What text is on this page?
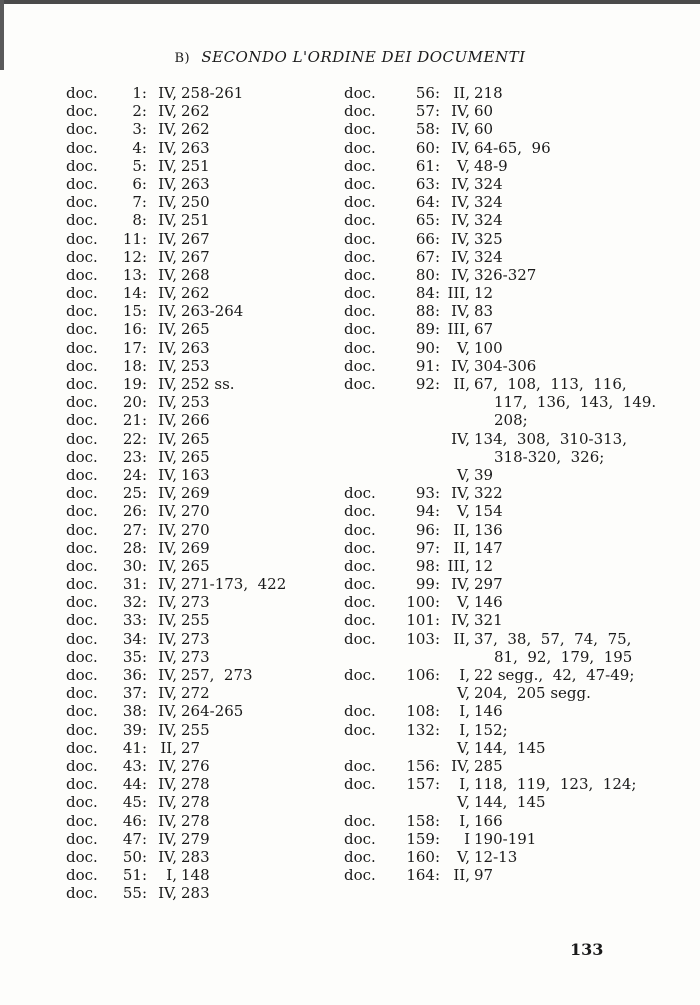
B) SECONDO L'ORDINE DEI DOCUMENTI
doc. 1: IV, 258-261
doc. 2: IV, 262
doc. 3: IV, 262
doc. 4: IV, 263
doc. 5: IV, 251
doc. 6: IV, 263
doc. 7: IV, 250
doc. 8: IV, 251
doc. 11: IV, 267
doc. 12: IV, 267
doc. 13: IV, 268
doc. 14: IV, 262
doc. 15: IV, 263-264
doc. 16: IV, 265
doc. 17: IV, 263
doc. 18: IV, 253
doc. 19: IV, 252 ss.
doc. 20: IV, 253
doc. 21: IV, 266
doc. 22: IV, 265
doc. 23: IV, 265
doc. 24: IV, 163
doc. 25: IV, 269
doc. 26: IV, 270
doc. 27: IV, 270
doc. 28: IV, 269
doc. 30: IV, 265
doc. 31: IV, 271-173,  422
doc. 32: IV, 273
doc. 33: IV, 255
doc. 34: IV, 273
doc. 35: IV, 273
doc. 36: IV, 257,  273
doc. 37: IV, 272
doc. 38: IV, 264-265
doc. 39: IV, 255
doc. 41: II, 27
doc. 43: IV, 276
doc. 44: IV, 278
doc. 45: IV, 278
doc. 46: IV, 278
doc. 47: IV, 279
doc. 50: IV, 283
doc. 51: I, 148
doc. 55: IV, 283
doc.	56: II, 218
doc.	57: IV, 60
doc.	58: IV, 60
doc.	60: IV, 64-65,  96
doc.	61: V, 48-9
doc.	63: IV, 324
doc.	64: IV, 324
doc.	65: IV, 324
doc.	66: IV, 325
doc.	67: IV, 324
doc.	80: IV, 326-327
doc.	84: III, 12
doc.	88: IV, 83
doc.	89: III, 67
doc.	90: V, 100
doc.	91: IV, 304-306
doc.	92: II, 67,  108,  113,  116,
117,  136,  143,  149.
208;
IV, 134,  308,  310-313,
318-320,  326;
V, 39
doc.	93: IV, 322
doc.	94: V, 154
doc.	96: II, 136
doc.	97: II, 147
doc.	98: III, 12
doc.	99: IV, 297
doc. 100: V, 146
doc. 101: IV, 321
doc. 103: II, 37,  38,  57,  74,  75,
81,  92,  179,  195
doc. 106: I, 22 segg.,  42,  47-49;
V, 204,  205 segg.
doc. 108: I, 146
doc. 132: I, 152;
V, 144,  145
doc. 156: IV, 285
doc. 157: I, 118,  119,  123,  124;
V, 144,  145
doc. 158: I, 166
doc. 159: I 190-191
doc. 160: V, 12-13
doc. 164: II, 97
133
